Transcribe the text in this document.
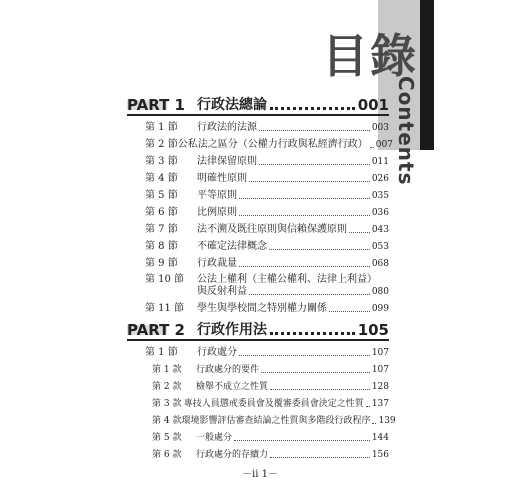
目錄
Contents
PART 1 行政法總論	001
第 1 節	行政法的法源	003
第 2 節 公私法之區分（公權力行政與私經濟行政） 007
第 3 節	法律保留原則	011
第 4 節	明確性原則	026
第 5 節	平等原則	035
第 6 節	比例原則	036
第 7 節	法不溯及既往原則與信賴保護原則	043
第 8 節	不確定法律概念	053
第 9 節	行政裁量	068
第 10 節	公法上權利（主權公權利、法律上利益）
與反射利益	080
第 11 節	學生與學校間之特別權力關係	099
PART 2 行政作用法	105
第 1 節	行政處分	107
第 1 款	行政處分的要件	107
第 2 款	檢舉不成立之性質	128
第 3 款 專技人員懲戒委員會及覆審委員會決定之性質 137
第 4 款 環境影響評估審查結論之性質與多階段行政程序 139
第 5 款	一般處分	144
第 6 款	行政處分的存續力	156
－ii 1－
